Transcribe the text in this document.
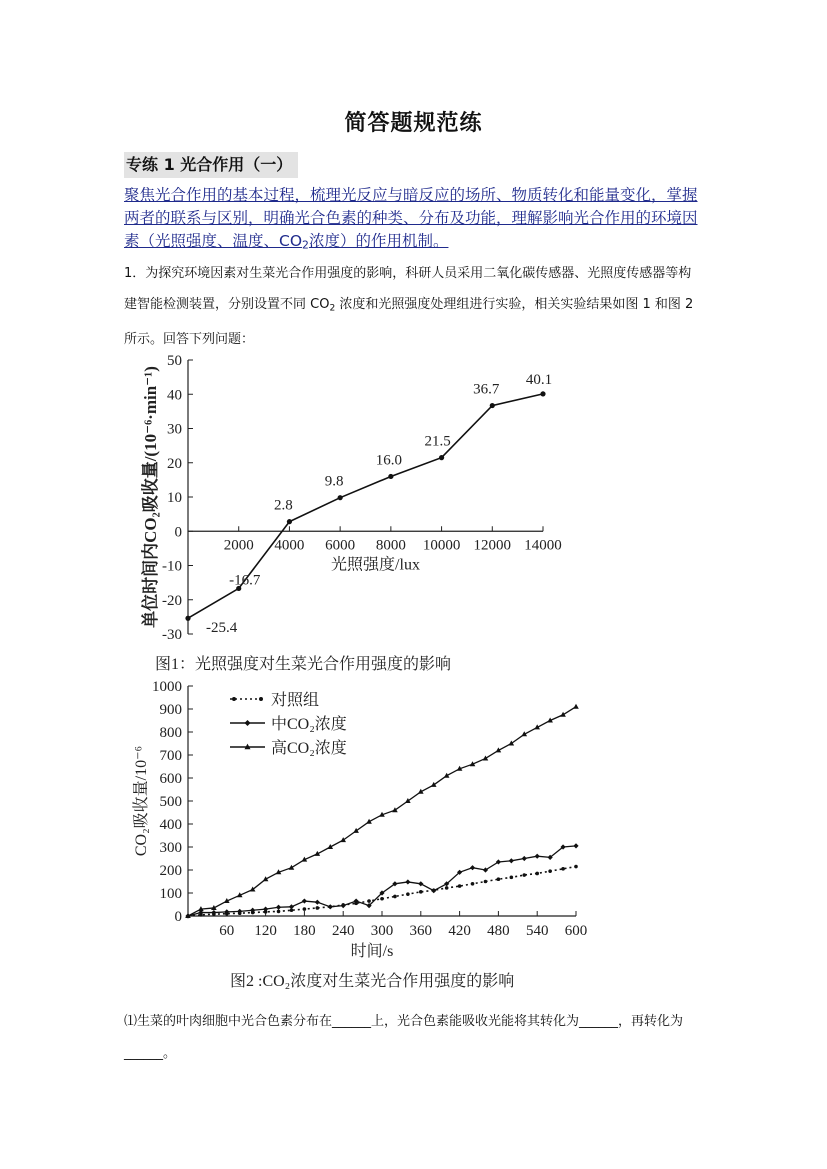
简答题规范练
专练 1 光合作用（一）
聚焦光合作用的基本过程，梳理光反应与暗反应的场所、物质转化和能量变化，掌握两者的联系与区别，明确光合色素的种类、分布及功能，理解影响光合作用的环境因素（光照强度、温度、$CO_2$浓度）的作用机制。
1．为探究环境因素对生菜光合作用强度的影响，科研人员采用二氧化碳传感器、光照度传感器等构建智能检测装置，分别设置不同 $CO_2$ 浓度和光照强度处理组进行实验，相关实验结果如图 1 和图 2 所示。回答下列问题：
-30
-20
-10
0
10
20
30
40
50
2000 4000 6000 8000 10000 12000 14000
光照强度/lux
单位时间内CO₂吸收量/(10⁻⁶·min⁻¹)
-25.4
-16.7
2.8
9.8
16.0
21.5
36.7
40.1
图1：光照强度对生菜光合作用强度的影响
0
100
200
300
400
500
600
700
800
900
1000
60 120 180 240 300 360 420 480 540 600
时间/s
CO₂吸收量/10⁻⁶
对照组
中CO₂浓度
高CO₂浓度
图2 :CO₂浓度对生菜光合作用强度的影响
⑴生菜的叶肉细胞中光合色素分布在______上，光合色素能吸收光能将其转化为______，再转化为______。
